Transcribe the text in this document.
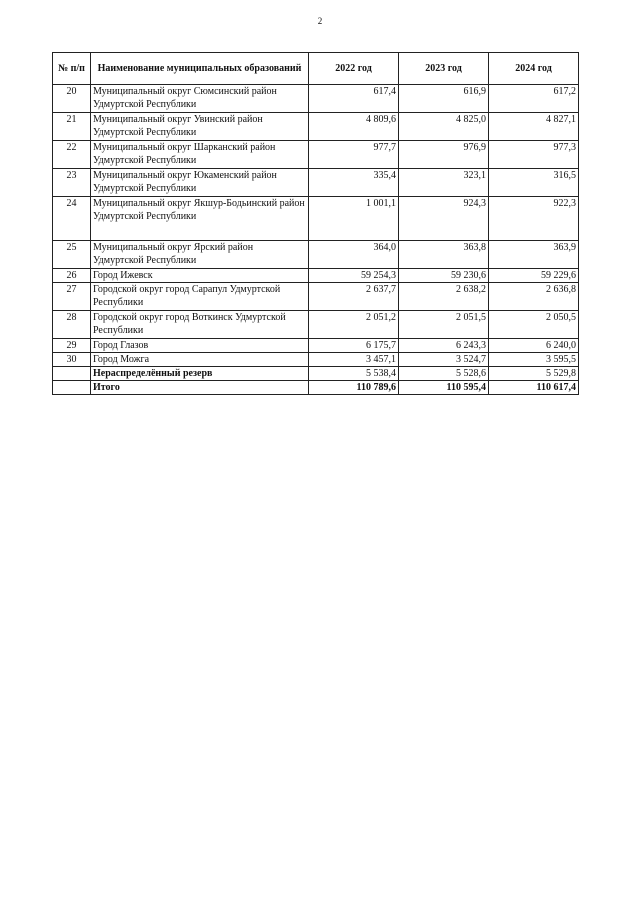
2
№ п/п	Наименование муниципальных образований	2022 год	2023 год	2024 год
20	Муниципальный округ Сюмсинский район Удмуртской Республики	617,4	616,9	617,2
21	Муниципальный округ Увинский район Удмуртской Республики	4 809,6	4 825,0	4 827,1
22	Муниципальный округ Шарканский район Удмуртской Республики	977,7	976,9	977,3
23	Муниципальный округ Юкаменский район Удмуртской Республики	335,4	323,1	316,5
24	Муниципальный округ Якшур-Бодьинский район Удмуртской Республики	1 001,1	924,3	922,3
25	Муниципальный округ Ярский район Удмуртской Республики	364,0	363,8	363,9
26	Город Ижевск	59 254,3	59 230,6	59 229,6
27	Городской округ город Сарапул Удмуртской Республики	2 637,7	2 638,2	2 636,8
28	Городской округ город Воткинск Удмуртской Республики	2 051,2	2 051,5	2 050,5
29	Город Глазов	6 175,7	6 243,3	6 240,0
30	Город Можга	3 457,1	3 524,7	3 595,5
	Нераспределённый резерв	5 538,4	5 528,6	5 529,8
	Итого	110 789,6	110 595,4	110 617,4
